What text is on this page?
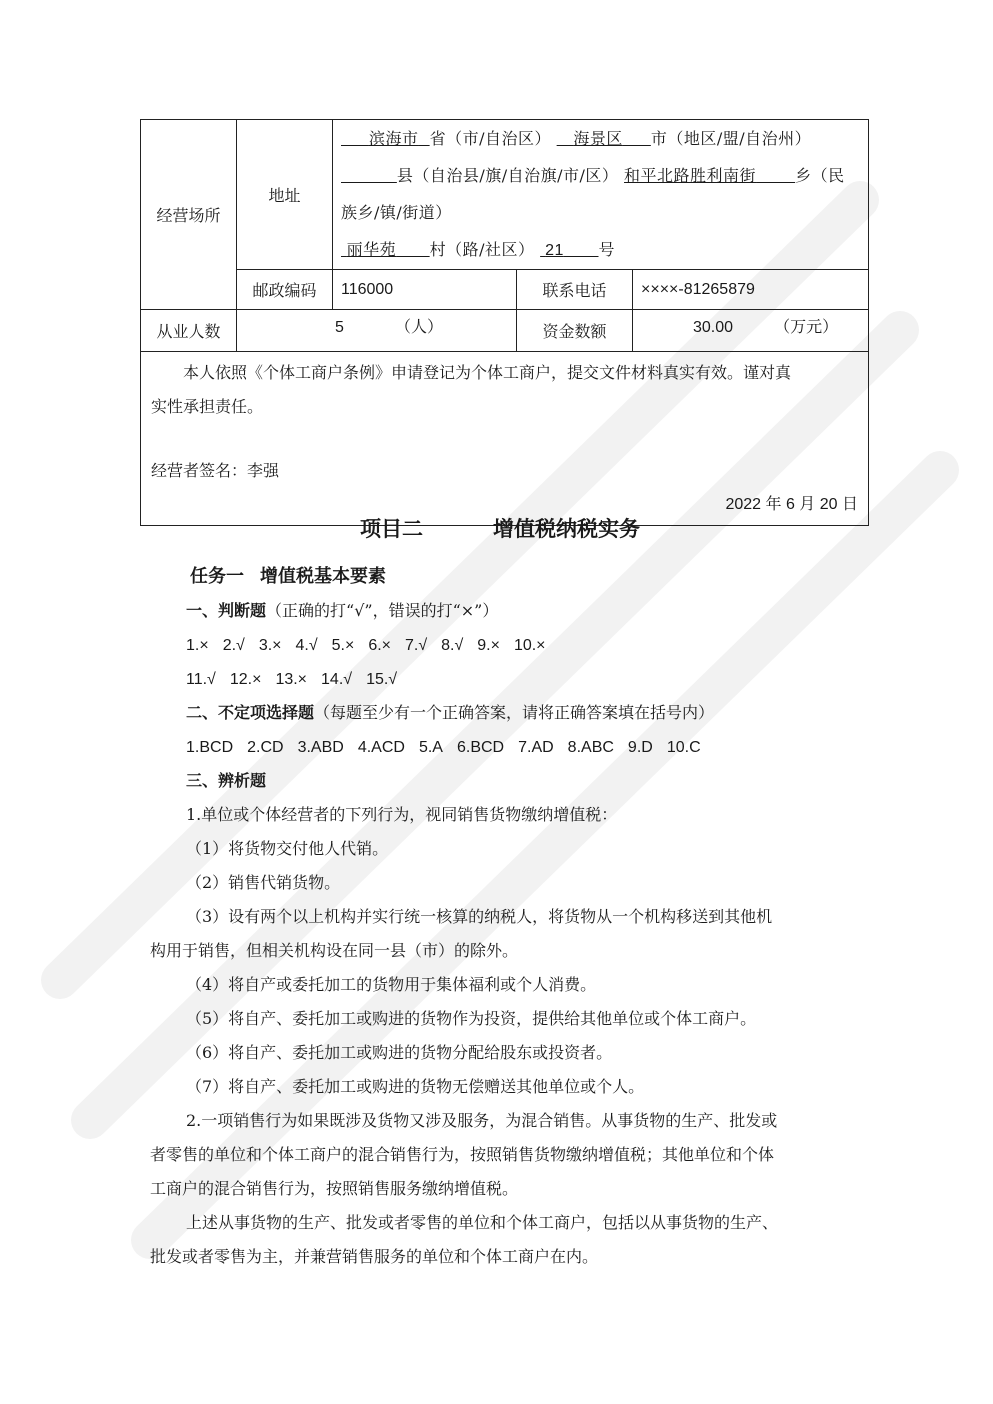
经营场所	地址	滨海市 省（市/自治区） 海景区 市（地区/盟/自治州）
县（自治县/旗/自治旗/市/区） 和平北路胜利南街 乡（民族乡/镇/街道）
丽华苑 村（路/社区） 21 号		
	邮政编码	116000	联系电话	××××-81265879
从业人数	5 （人）		资金数额	30.00 （万元）

本人依照《个体工商户条例》申请登记为个体工商户，提交文件材料真实有效。谨对真

实性承担责任。

经营者签名：李强

2022 年 6 月 20 日				

项目二	增值税纳税实务

任务一 增值税基本要素

一、判断题（正确的打“√”，错误的打“×”）

1.× 2.√ 3.× 4.√ 5.× 6.× 7.√ 8.√ 9.× 10.×

11.√ 12.× 13.× 14.√ 15.√

二、不定项选择题（每题至少有一个正确答案，请将正确答案填在括号内）

1.BCD 2.CD 3.ABD 4.ACD 5.A 6.BCD 7.AD 8.ABC 9.D 10.C

三、辨析题

1.单位或个体经营者的下列行为，视同销售货物缴纳增值税：

（1）将货物交付他人代销。

（2）销售代销货物。

（3）设有两个以上机构并实行统一核算的纳税人，将货物从一个机构移送到其他机

构用于销售，但相关机构设在同一县（市）的除外。

（4）将自产或委托加工的货物用于集体福利或个人消费。

（5）将自产、委托加工或购进的货物作为投资，提供给其他单位或个体工商户。

（6）将自产、委托加工或购进的货物分配给股东或投资者。

（7）将自产、委托加工或购进的货物无偿赠送其他单位或个人。

2.一项销售行为如果既涉及货物又涉及服务，为混合销售。从事货物的生产、批发或

者零售的单位和个体工商户的混合销售行为，按照销售货物缴纳增值税；其他单位和个体

工商户的混合销售行为，按照销售服务缴纳增值税。

上述从事货物的生产、批发或者零售的单位和个体工商户，包括以从事货物的生产、

批发或者零售为主，并兼营销售服务的单位和个体工商户在内。
